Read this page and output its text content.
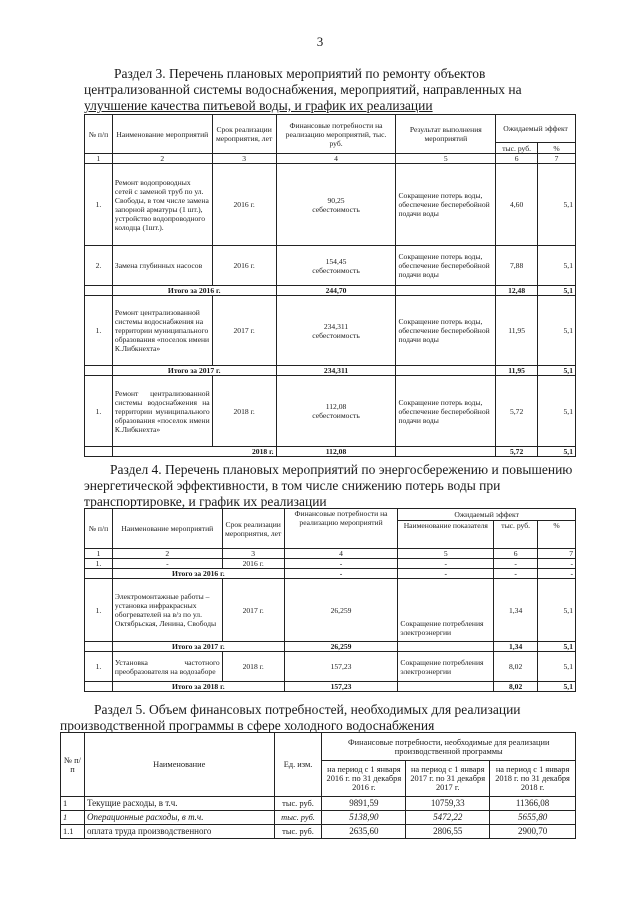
3
Раздел 3. Перечень плановых мероприятий по ремонту объектов
централизованной системы водоснабжения, мероприятий, направленных на
улучшение качества питьевой воды, и график их реализации
№ п/п	Наименование мероприятий	Срок реализации мероприятия, лет	Финансовые потребности на реализацию мероприятий, тыс. руб.	Результат выполнения мероприятий	Ожидаемый эффект	
					тыс. руб.	%
1	2	3	4	5	6	7
1.	Ремонт водопроводных сетей с заменой труб по ул. Свободы, в том числе замена запорной арматуры (1 шт.), устройство водопроводного колодца (1шт.).	2016 г.	90,25 себестоимость	Сокращение потерь воды, обеспечение бесперебойной подачи воды	4,60	5,1
2.	Замена глубинных насосов	2016 г.	154,45 себестоимость	Сокращение потерь воды, обеспечение бесперебойной подачи воды	7,88	5,1
	Итого за 2016 г.		244,70		12,48	5,1
1.	Ремонт централизованной системы водоснабжения на территории муниципального образования «поселок имени К.Либкнехта»	2017 г.	234,311 себестоимость	Сокращение потерь воды, обеспечение бесперебойной подачи воды	11,95	5,1
	Итого за 2017 г.		234,311		11,95	5,1
1.	Ремонт централизованной системы водоснабжения на территории муниципального образования «поселок имени К.Либкнехта»	2018 г.	112,08 себестоимость	Сокращение потерь воды, обеспечение бесперебойной подачи воды	5,72	5,1
	2018 г.		112,08		5,72	5,1
Раздел 4. Перечень плановых мероприятий по энергосбережению и повышению
энергетической эффективности, в том числе снижению потерь воды при
транспортировке, и график их реализации
№ п/п	Наименование мероприятий	Срок реализации мероприятия, лет	Финансовые потребности на реализацию мероприятий	Ожидаемый эффект		
				Наименование показателя	тыс. руб.	%
1	2	3	4	5	6	7
1.	-	2016 г.	-	-	-	-
	Итого за 2016 г.		-	-	-	-
1.	Электромонтажные работы – установка инфракрасных обогревателей на в/з по ул. Октябрьская, Ленина, Свободы	2017 г.	26,259	Сокращение потребления электроэнергии	1,34	5,1
	Итого за 2017 г.		26,259		1,34	5,1
1.	Установка частотного преобразователя на водозаборе	2018 г.	157,23	Сокращение потребления электроэнергии	8,02	5,1
	Итого за 2018 г.		157,23		8,02	5,1
Раздел 5. Объем финансовых потребностей, необходимых для реализации
производственной программы в сфере холодного водоснабжения
№ п/п	Наименование	Ед. изм.	Финансовые потребности, необходимые для реализации производственной программы		
			на период с 1 января 2016 г. по 31 декабря 2016 г.	на период с 1 января 2017 г. по 31 декабря 2017 г.	на период с 1 января 2018 г. по 31 декабря 2018 г.
1	Текущие расходы, в т.ч.	тыс. руб.	9891,59	10759,33	11366,08
1	Операционные расходы, в т.ч.	тыс. руб.	5138,90	5472,22	5655,80
1.1	оплата труда производственного	тыс. руб.	2635,60	2806,55	2900,70
